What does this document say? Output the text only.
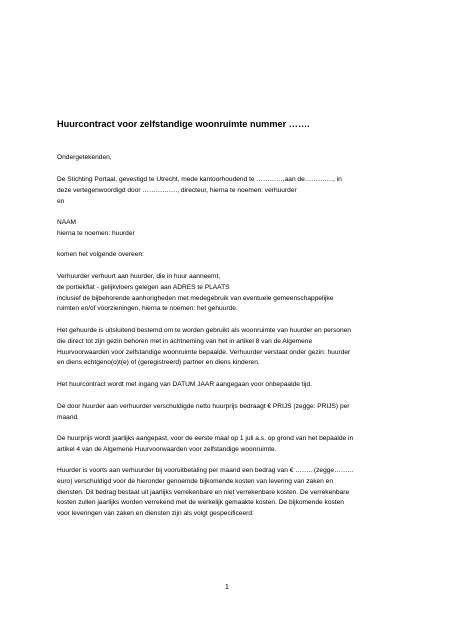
Huurcontract voor zelfstandige woonruimte nummer …….
Ondergetekenden,
De Stichting Portaal, gevestigd te Utrecht, mede kantoorhoudend te …………,aan de…………., in
deze vertegenwoordigd door ……………., directeur, hierna te noemen: verhuurder
en
NAAM
hierna te noemen: huurder
komen het volgende overeen:
Verhuurder verhuurt aan huurder, die in huur aanneemt,
de portiekflat - gelijkvloers gelegen aan ADRES te PLAATS
inclusief de bijbehorende aanhorigheden met medegebruik van eventuele gemeenschappelijke
ruimten en/of voorzieningen, hierna te noemen: het gehuurde.
Het gehuurde is uitsluitend bestemd om te worden gebruikt als woonruimte van huurder en personen
die direct tot zijn gezin behoren met in achtneming van het in artikel 8 van de Algemene
Huurvoorwaarden voor zelfstandige woonruimte bepaalde. Verhuurder verstaat onder gezin: huurder
en diens echtgeno(o)t(e) of (geregistreerd) partner en diens kinderen.
Het huurcontract wordt met ingang van DATUM JAAR aangegaan voor onbepaalde tijd.
De door huurder aan verhuurder verschuldigde netto huurprijs bedraagt € PRIJS (zegge: PRIJS) per
maand.
De huurprijs wordt jaarlijks aangepast, voor de eerste maal op 1 juli a.s. op grond van het bepaalde in
artikel 4 van de Algemene Huurvoorwaarden voor zelfstandige woonruimte.
Huurder is voorts aan verhuurder bij vooruitbetaling per maand een bedrag van € …….. (zegge………
euro) verschuldigd voor de hieronder genoemde bijkomende kosten van levering van zaken en
diensten. Dit bedrag bestaat uit jaarlijks verrekenbare en niet verrekenbare kosten. De verrekenbare
kosten zullen jaarlijks worden verrekend met de werkelijk gemaakte kosten. De bijkomende kosten
voor leveringen van zaken en diensten zijn als volgt gespecificeerd:
1
